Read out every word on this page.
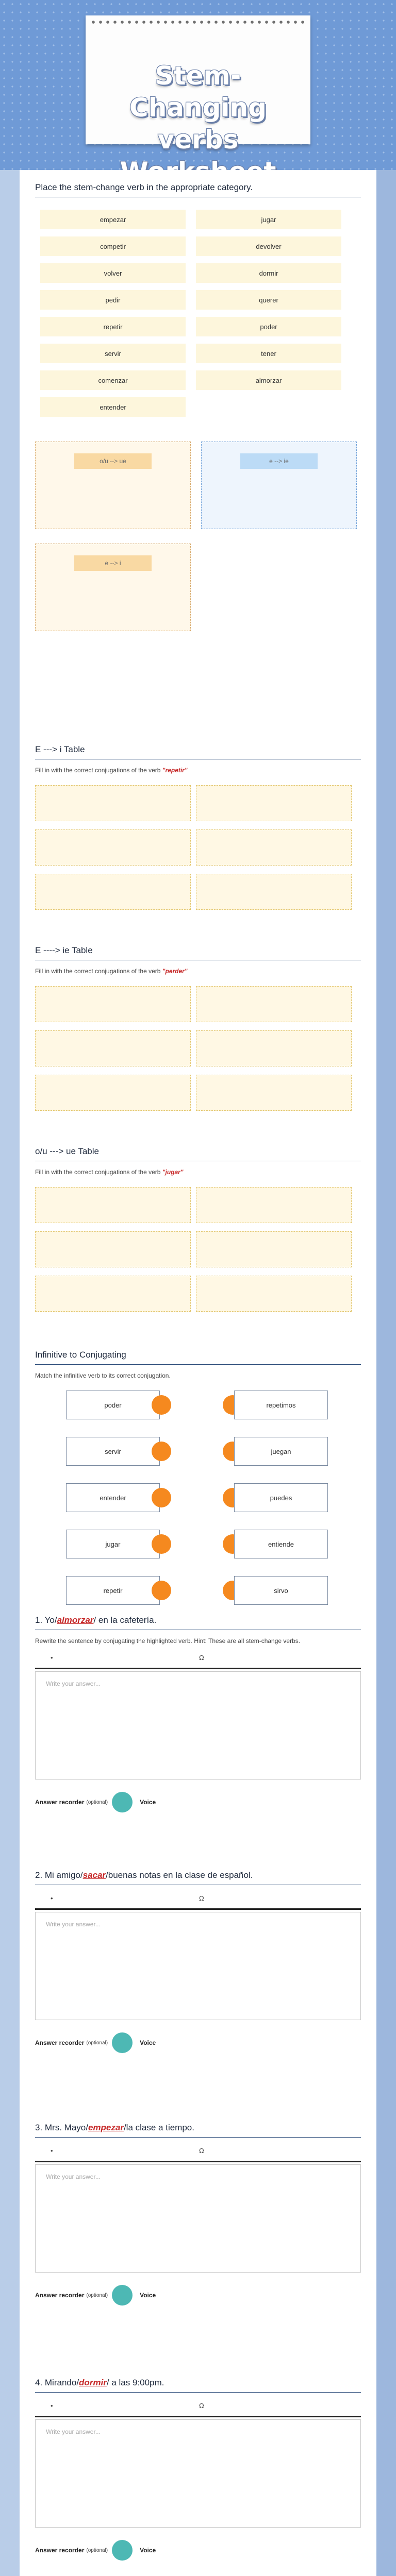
Stem-Changing verbs
Place the stem-change verb in the appropriate category.
empezar	jugar
competir	devolver
volver	dormir
pedir	querer
repetir	poder
servir	tener
comenzar	almorzar
entender
o/u --> ue	e --> ie
e --> i
E ---> i Table
Fill in with the correct conjugations of the verb "repetir"
E ----> ie Table
Fill in with the correct conjugations of the verb "perder"
o/u ---> ue Table
Fill in with the correct conjugations of the verb "jugar"
Infinitive to Conjugating
Match the infinitive verb to its correct conjugation.
poder
servir
entender
jugar
repetir
repetimos
juegan
puedes
entiende
sirvo
1. Yo/almorzar/ en la cafetería.
Rewrite the sentence by conjugating the highlighted verb. Hint: These are all stem-change verbs.
•	Ω
Write your answer...
Answer recorder (optional)	Voice
2. Mi amigo/sacar/buenas notas en la clase de español.
•	Ω
Write your answer...
Answer recorder (optional)	Voice
3. Mrs. Mayo/empezar/la clase a tiempo.
•	Ω
Write your answer...
Answer recorder (optional)	Voice
4. Mirando/dormir/ a las 9:00pm.
•	Ω
Write your answer...
Answer recorder (optional)	Voice
